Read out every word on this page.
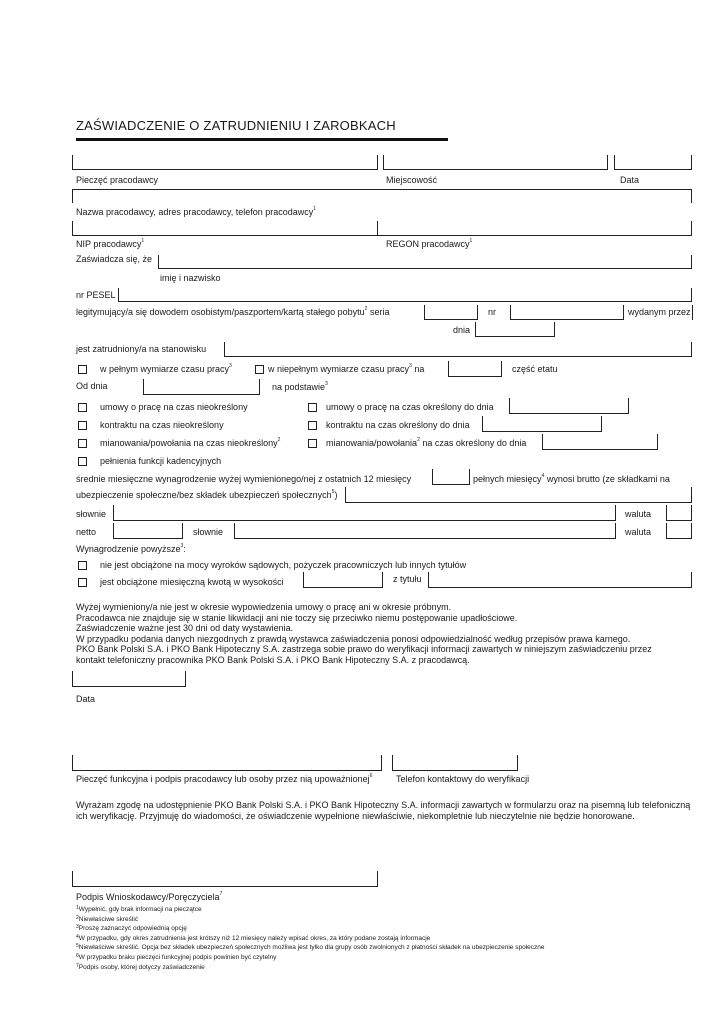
ZAŚWIADCZENIE O ZATRUDNIENIU I ZAROBKACH
Pieczęć pracodawcy	Miejscowość	Data
Nazwa pracodawcy, adres pracodawcy, telefon pracodawcy$^1$
NIP pracodawcy$^1$	REGON pracodawcy$^1$
Zaświadcza się, że
imię i nazwisko
nr PESEL
legitymujący/a się dowodem osobistym/paszportem/kartą stałego pobytu$^2$ seria	nr	wydanym przez
dnia
jest zatrudniony/a na stanowisku
w pełnym wymiarze czasu pracy$^3$	w niepełnym wymiarze czasu pracy$^3$ na	część etatu
Od dnia	na podstawie$^3$
umowy o pracę na czas nieokreślony	umowy o pracę na czas określony do dnia
kontraktu na czas nieokreślony	kontraktu na czas określony do dnia
mianowania/powołania na czas nieokreślony$^2$	mianowania/powołania$^2$ na czas określony do dnia
pełnienia funkcji kadencyjnych
średnie miesięczne wynagrodzenie wyżej wymienionego/nej z ostatnich 12 miesięcy	pełnych miesięcy$^4$ wynosi brutto (ze składkami na
ubezpieczenie społeczne/bez składek ubezpieczeń społecznych$^5$)
słownie	waluta
netto	słownie	waluta
Wynagrodzenie powyższe$^3$:
nie jest obciążone na mocy wyroków sądowych, pożyczek pracowniczych lub innych tytułów
jest obciążone miesięczną kwotą w wysokości	z tytułu
Wyżej wymieniony/a nie jest w okresie wypowiedzenia umowy o pracę ani w okresie próbnym.
Pracodawca nie znajduje się w stanie likwidacji ani nie toczy się przeciwko niemu postępowanie upadłościowe.
Zaświadczenie ważne jest 30 dni od daty wystawienia.
W przypadku podania danych niezgodnych z prawdą wystawca zaświadczenia ponosi odpowiedzialność według przepisów prawa karnego.
PKO Bank Polski S.A. i PKO Bank Hipoteczny S.A. zastrzega sobie prawo do weryfikacji informacji zawartych w niniejszym zaświadczeniu przez
kontakt telefoniczny pracownika PKO Bank Polski S.A. i PKO Bank Hipoteczny S.A. z pracodawcą.
Data
Pieczęć funkcyjna i podpis pracodawcy lub osoby przez nią upoważnionej$^6$	Telefon kontaktowy do weryfikacji
Wyrażam zgodę na udostępnienie PKO Bank Polski S.A. i PKO Bank Hipoteczny S.A. informacji zawartych w formularzu oraz na pisemną lub telefoniczną
ich weryfikację. Przyjmuję do wiadomości, że oświadczenie wypełnione niewłaściwie, niekompletnie lub nieczytelnie nie będzie honorowane.
Podpis Wnioskodawcy/Poręczyciela$^7$
$^1$Wypełnić, gdy brak informacji na pieczątce
$^2$Niewłaściwe skreślić
$^3$Proszę zaznaczyć odpowiednią opcję
$^4$W przypadku, gdy okres zatrudnienia jest krótszy niż 12 miesięcy należy wpisać okres, za który podane zostają informacje
$^5$Niewłaściwe skreślić. Opcja bez składek ubezpieczeń społecznych możliwa jest tylko dla grupy osób zwolnionych z płatności składek na ubezpieczenie społeczne
$^6$W przypadku braku pieczęci funkcyjnej podpis powinien być czytelny
$^7$Podpis osoby, której dotyczy zaświadczenie
